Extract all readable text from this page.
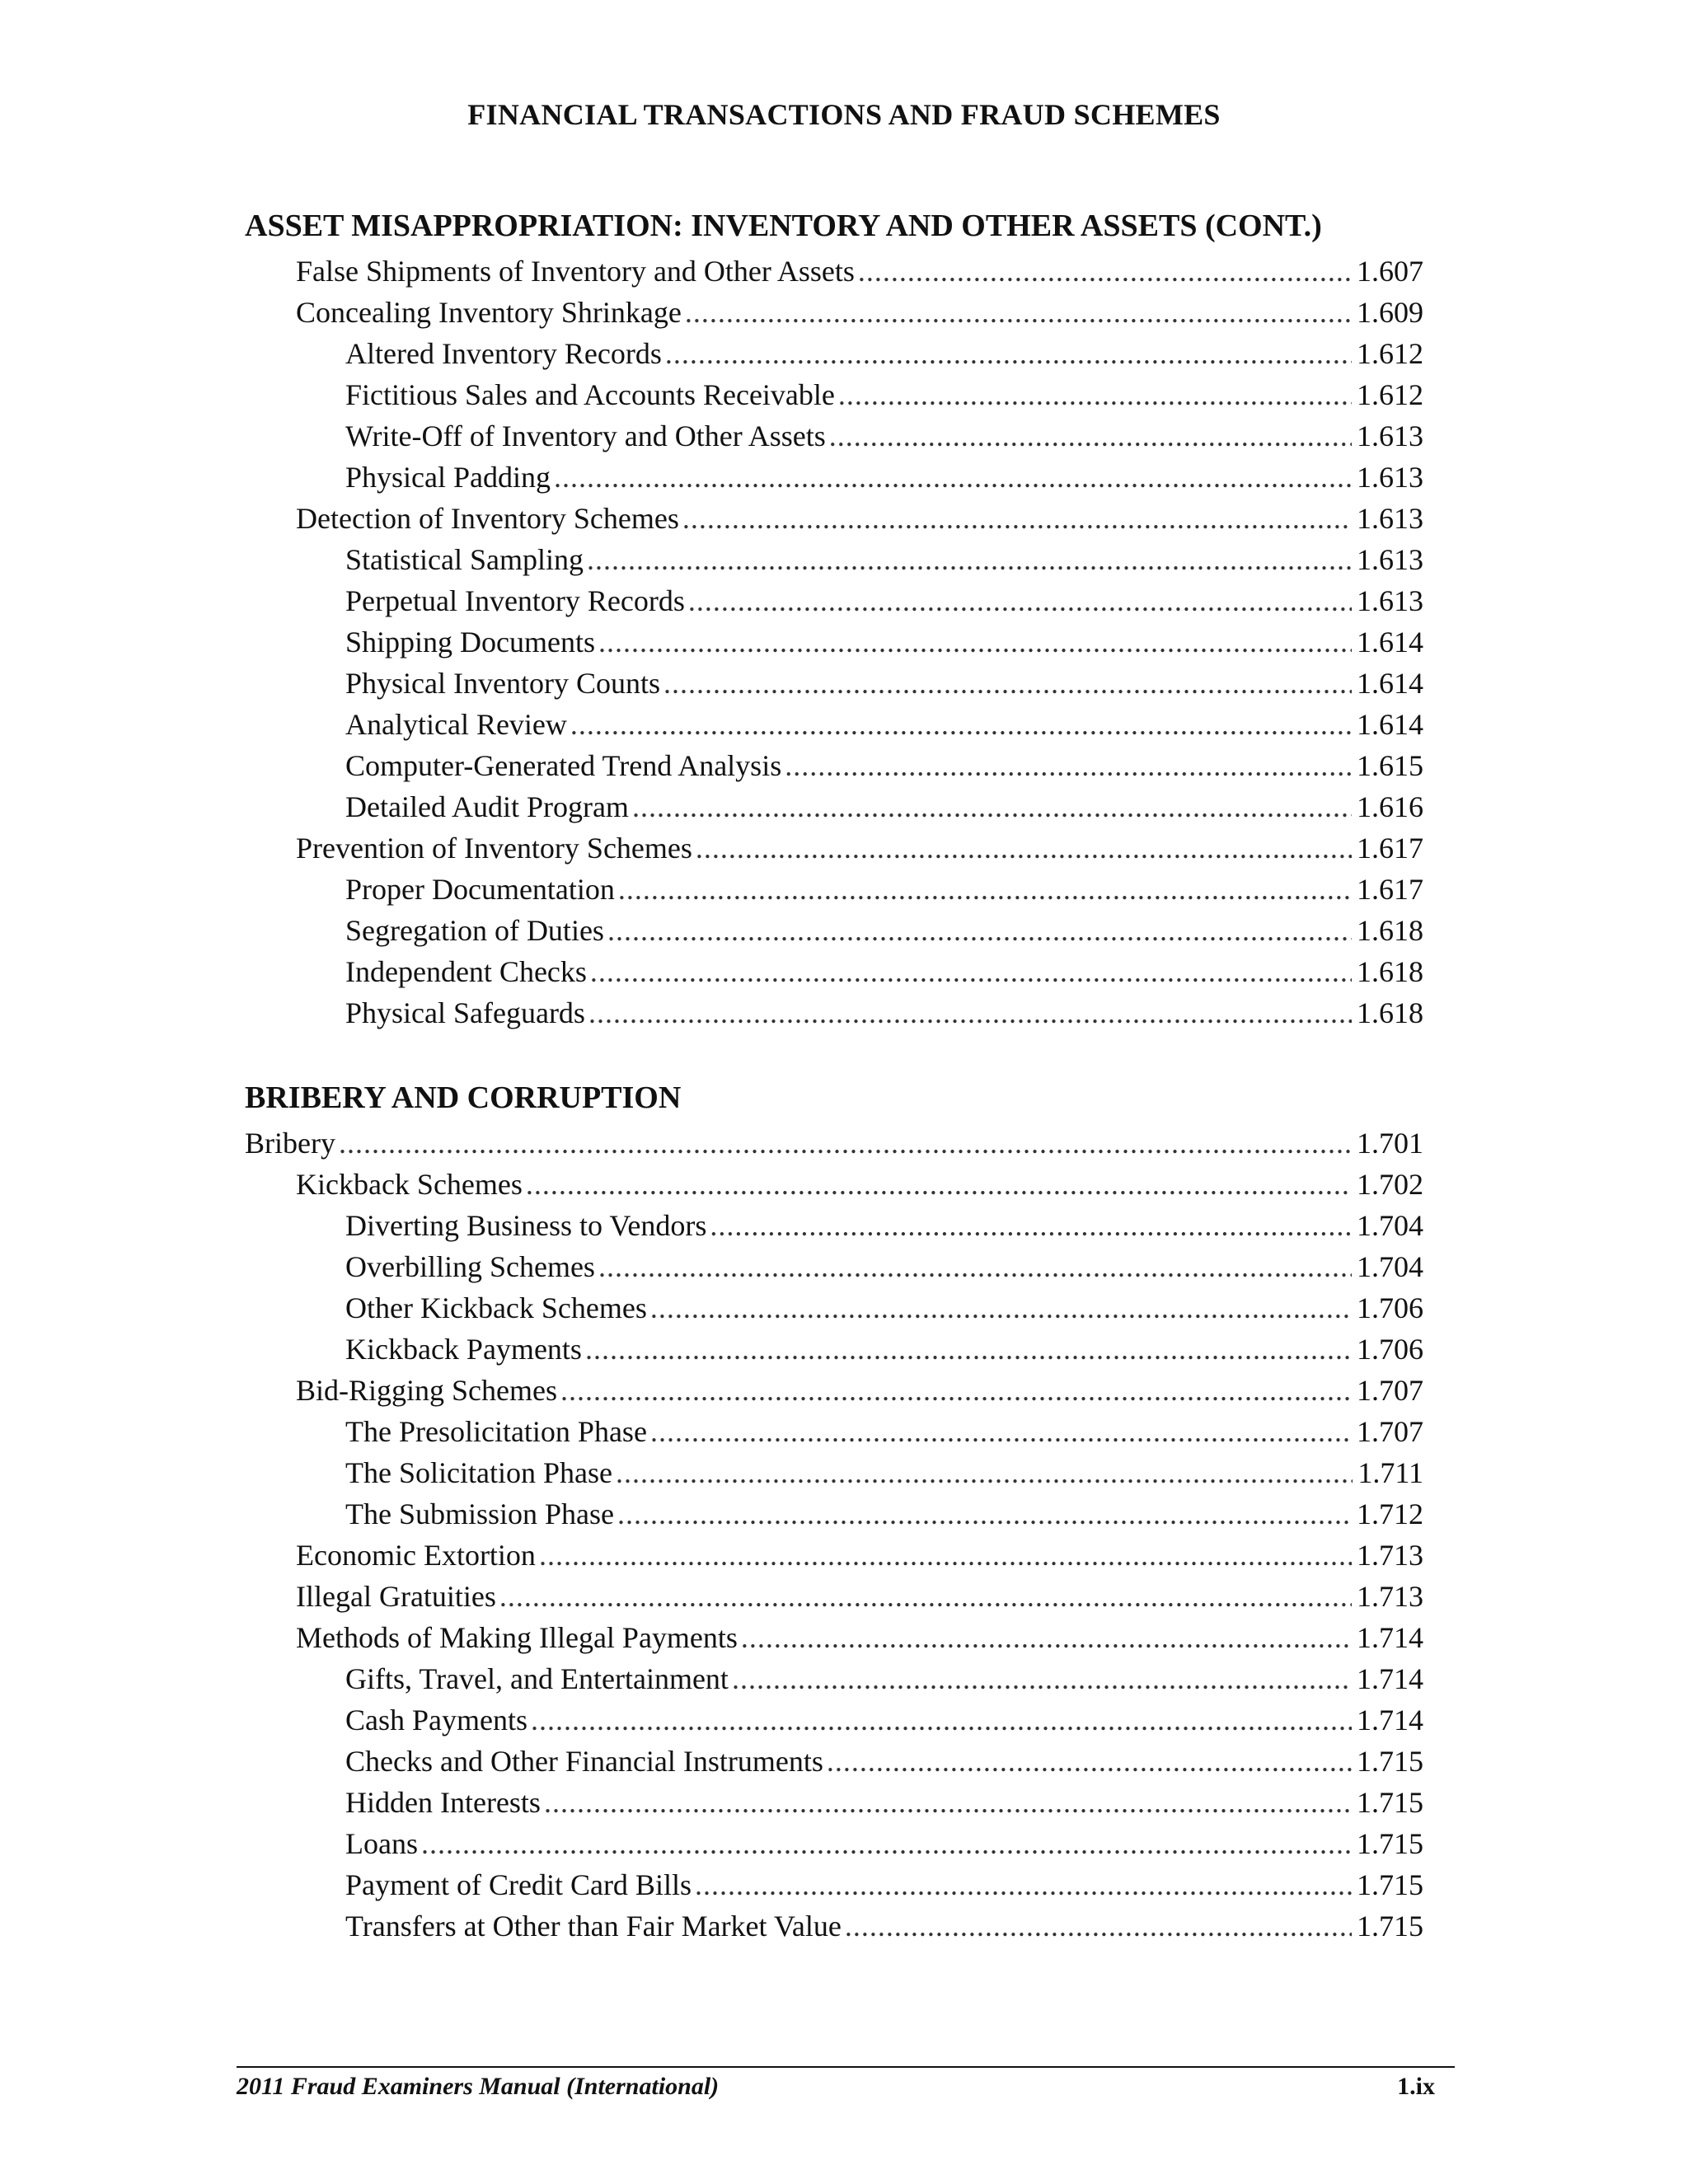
FINANCIAL TRANSACTIONS AND FRAUD SCHEMES
ASSET MISAPPROPRIATION: INVENTORY AND OTHER ASSETS (CONT.)
False Shipments of Inventory and Other Assets .....	1.607
Concealing Inventory Shrinkage .....	1.609
Altered Inventory Records .....	1.612
Fictitious Sales and Accounts Receivable .....	1.612
Write-Off of Inventory and Other Assets .....	1.613
Physical Padding .....	1.613
Detection of Inventory Schemes .....	1.613
Statistical Sampling .....	1.613
Perpetual Inventory Records .....	1.613
Shipping Documents .....	1.614
Physical Inventory Counts .....	1.614
Analytical Review .....	1.614
Computer-Generated Trend Analysis .....	1.615
Detailed Audit Program .....	1.616
Prevention of Inventory Schemes .....	1.617
Proper Documentation .....	1.617
Segregation of Duties .....	1.618
Independent Checks .....	1.618
Physical Safeguards .....	1.618
BRIBERY AND CORRUPTION
Bribery .....	1.701
Kickback Schemes .....	1.702
Diverting Business to Vendors .....	1.704
Overbilling Schemes .....	1.704
Other Kickback Schemes .....	1.706
Kickback Payments .....	1.706
Bid-Rigging Schemes .....	1.707
The Presolicitation Phase .....	1.707
The Solicitation Phase .....	1.711
The Submission Phase .....	1.712
Economic Extortion .....	1.713
Illegal Gratuities .....	1.713
Methods of Making Illegal Payments .....	1.714
Gifts, Travel, and Entertainment .....	1.714
Cash Payments .....	1.714
Checks and Other Financial Instruments .....	1.715
Hidden Interests .....	1.715
Loans .....	1.715
Payment of Credit Card Bills .....	1.715
Transfers at Other than Fair Market Value .....	1.715
2011 Fraud Examiners Manual (International)	1.ix
